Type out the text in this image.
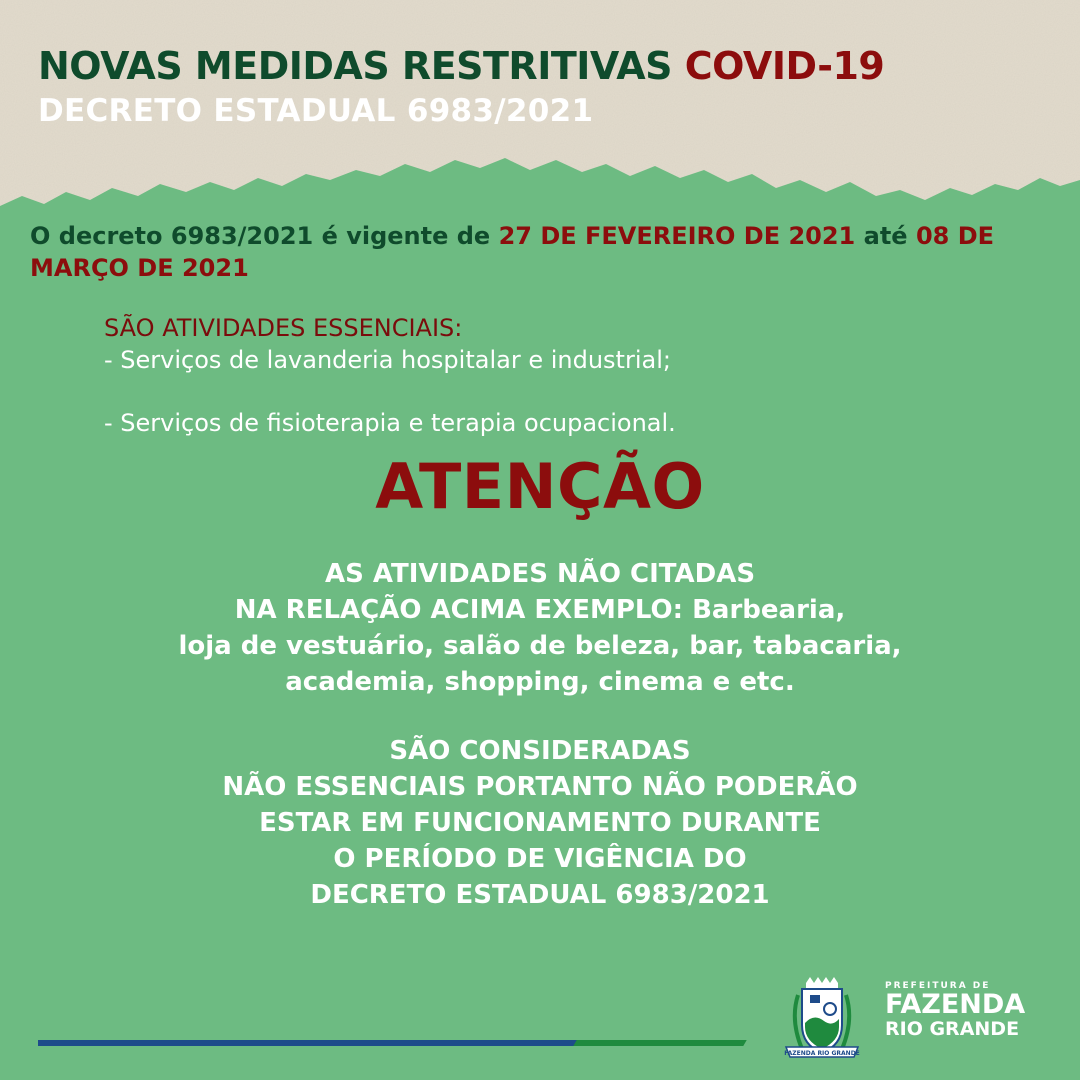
NOVAS MEDIDAS RESTRITIVAS COVID-19
DECRETO ESTADUAL 6983/2021

O decreto 6983/2021 é vigente de 27 DE FEVEREIRO DE 2021 até 08 DE MARÇO DE 2021

SÃO ATIVIDADES ESSENCIAIS:
- Serviços de lavanderia hospitalar e industrial;
- Serviços de fisioterapia e terapia ocupacional.
ATENÇÃO

AS ATIVIDADES NÃO CITADAS
NA RELAÇÃO ACIMA EXEMPLO: Barbearia,
loja de vestuário, salão de beleza, bar, tabacaria,
academia, shopping, cinema e etc.

SÃO CONSIDERADAS
NÃO ESSENCIAIS PORTANTO NÃO PODERÃO
ESTAR EM FUNCIONAMENTO DURANTE
O PERÍODO DE VIGÊNCIA DO
DECRETO ESTADUAL 6983/2021

FAZENDA RIO GRANDE
PREFEITURA DE
FAZENDA
RIO GRANDE
